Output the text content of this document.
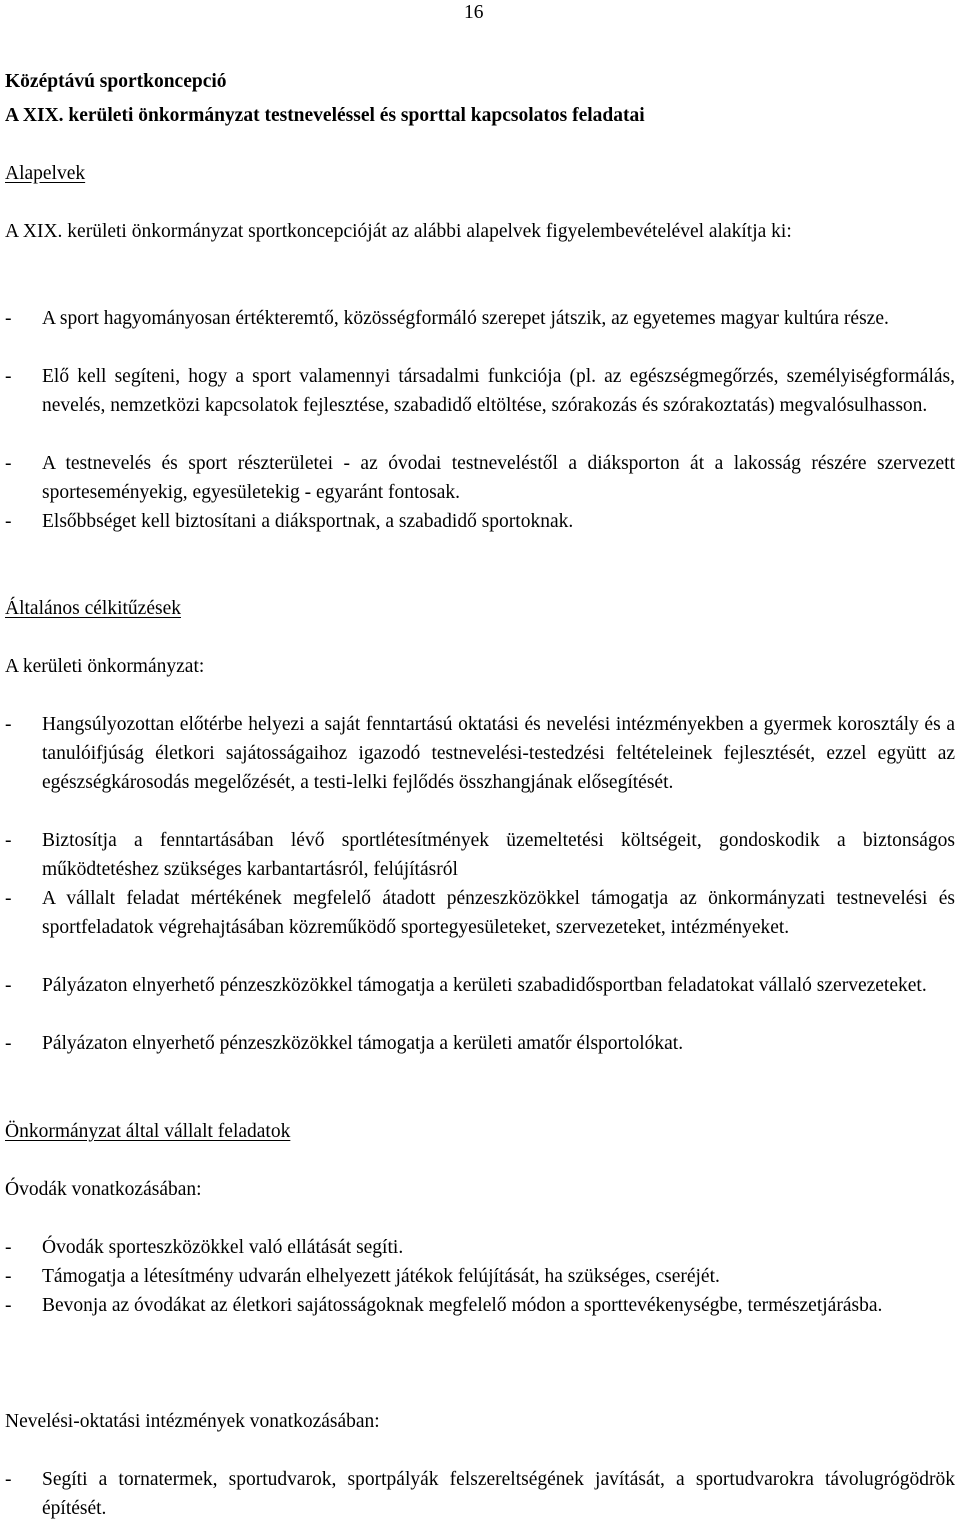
16
Középtávú sportkoncepció
A XIX. kerületi önkormányzat testneveléssel és sporttal kapcsolatos feladatai
Alapelvek

A XIX. kerületi önkormányzat sportkoncepcióját az alábbi alapelvek figyelembevételével alakítja ki:

- A sport hagyományosan értékteremtő, közösségformáló szerepet játszik, az egyetemes magyar kultúra része.

- Elő kell segíteni, hogy a sport valamennyi társadalmi funkciója (pl. az egészségmegőrzés, személyiségformálás, nevelés, nemzetközi kapcsolatok fejlesztése, szabadidő eltöltése, szórakozás és szórakoztatás) megvalósulhasson.

- A testnevelés és sport részterületei - az óvodai testneveléstől a diáksporton át a lakosság részére szervezett sporteseményekig, egyesületekig - egyaránt fontosak.

- Elsőbbséget kell biztosítani a diáksportnak, a szabadidő sportoknak.

Általános célkitűzések
A kerületi önkormányzat:
- Hangsúlyozottan előtérbe helyezi a saját fenntartású oktatási és nevelési intézményekben a gyermek korosztály és a tanulóifjúság életkori sajátosságaihoz igazodó testnevelési-testedzési feltételeinek fejlesztését, ezzel együtt az egészségkárosodás megelőzését, a testi-lelki fejlődés összhangjának elősegítését.

- Biztosítja a fenntartásában lévő sportlétesítmények üzemeltetési költségeit, gondoskodik a biztonságos működtetéshez szükséges karbantartásról, felújításról

- A vállalt feladat mértékének megfelelő átadott pénzeszközökkel támogatja az önkormányzati testnevelési és sportfeladatok végrehajtásában közreműködő sportegyesületeket, szervezeteket, intézményeket.

- Pályázaton elnyerhető pénzeszközökkel támogatja a kerületi szabadidősportban feladatokat vállaló szervezeteket.

- Pályázaton elnyerhető pénzeszközökkel támogatja a kerületi amatőr élsportolókat.

Önkormányzat által vállalt feladatok
Óvodák vonatkozásában:
- Óvodák sporteszközökkel való ellátását segíti.

- Támogatja a létesítmény udvarán elhelyezett játékok felújítását, ha szükséges, cseréjét.

- Bevonja az óvodákat az életkori sajátosságoknak megfelelő módon a sporttevékenységbe, természetjárásba.

Nevelési-oktatási intézmények vonatkozásában:
- Segíti a tornatermek, sportudvarok, sportpályák felszereltségének javítását, a sportudvarokra távolugrógödrök építését.
